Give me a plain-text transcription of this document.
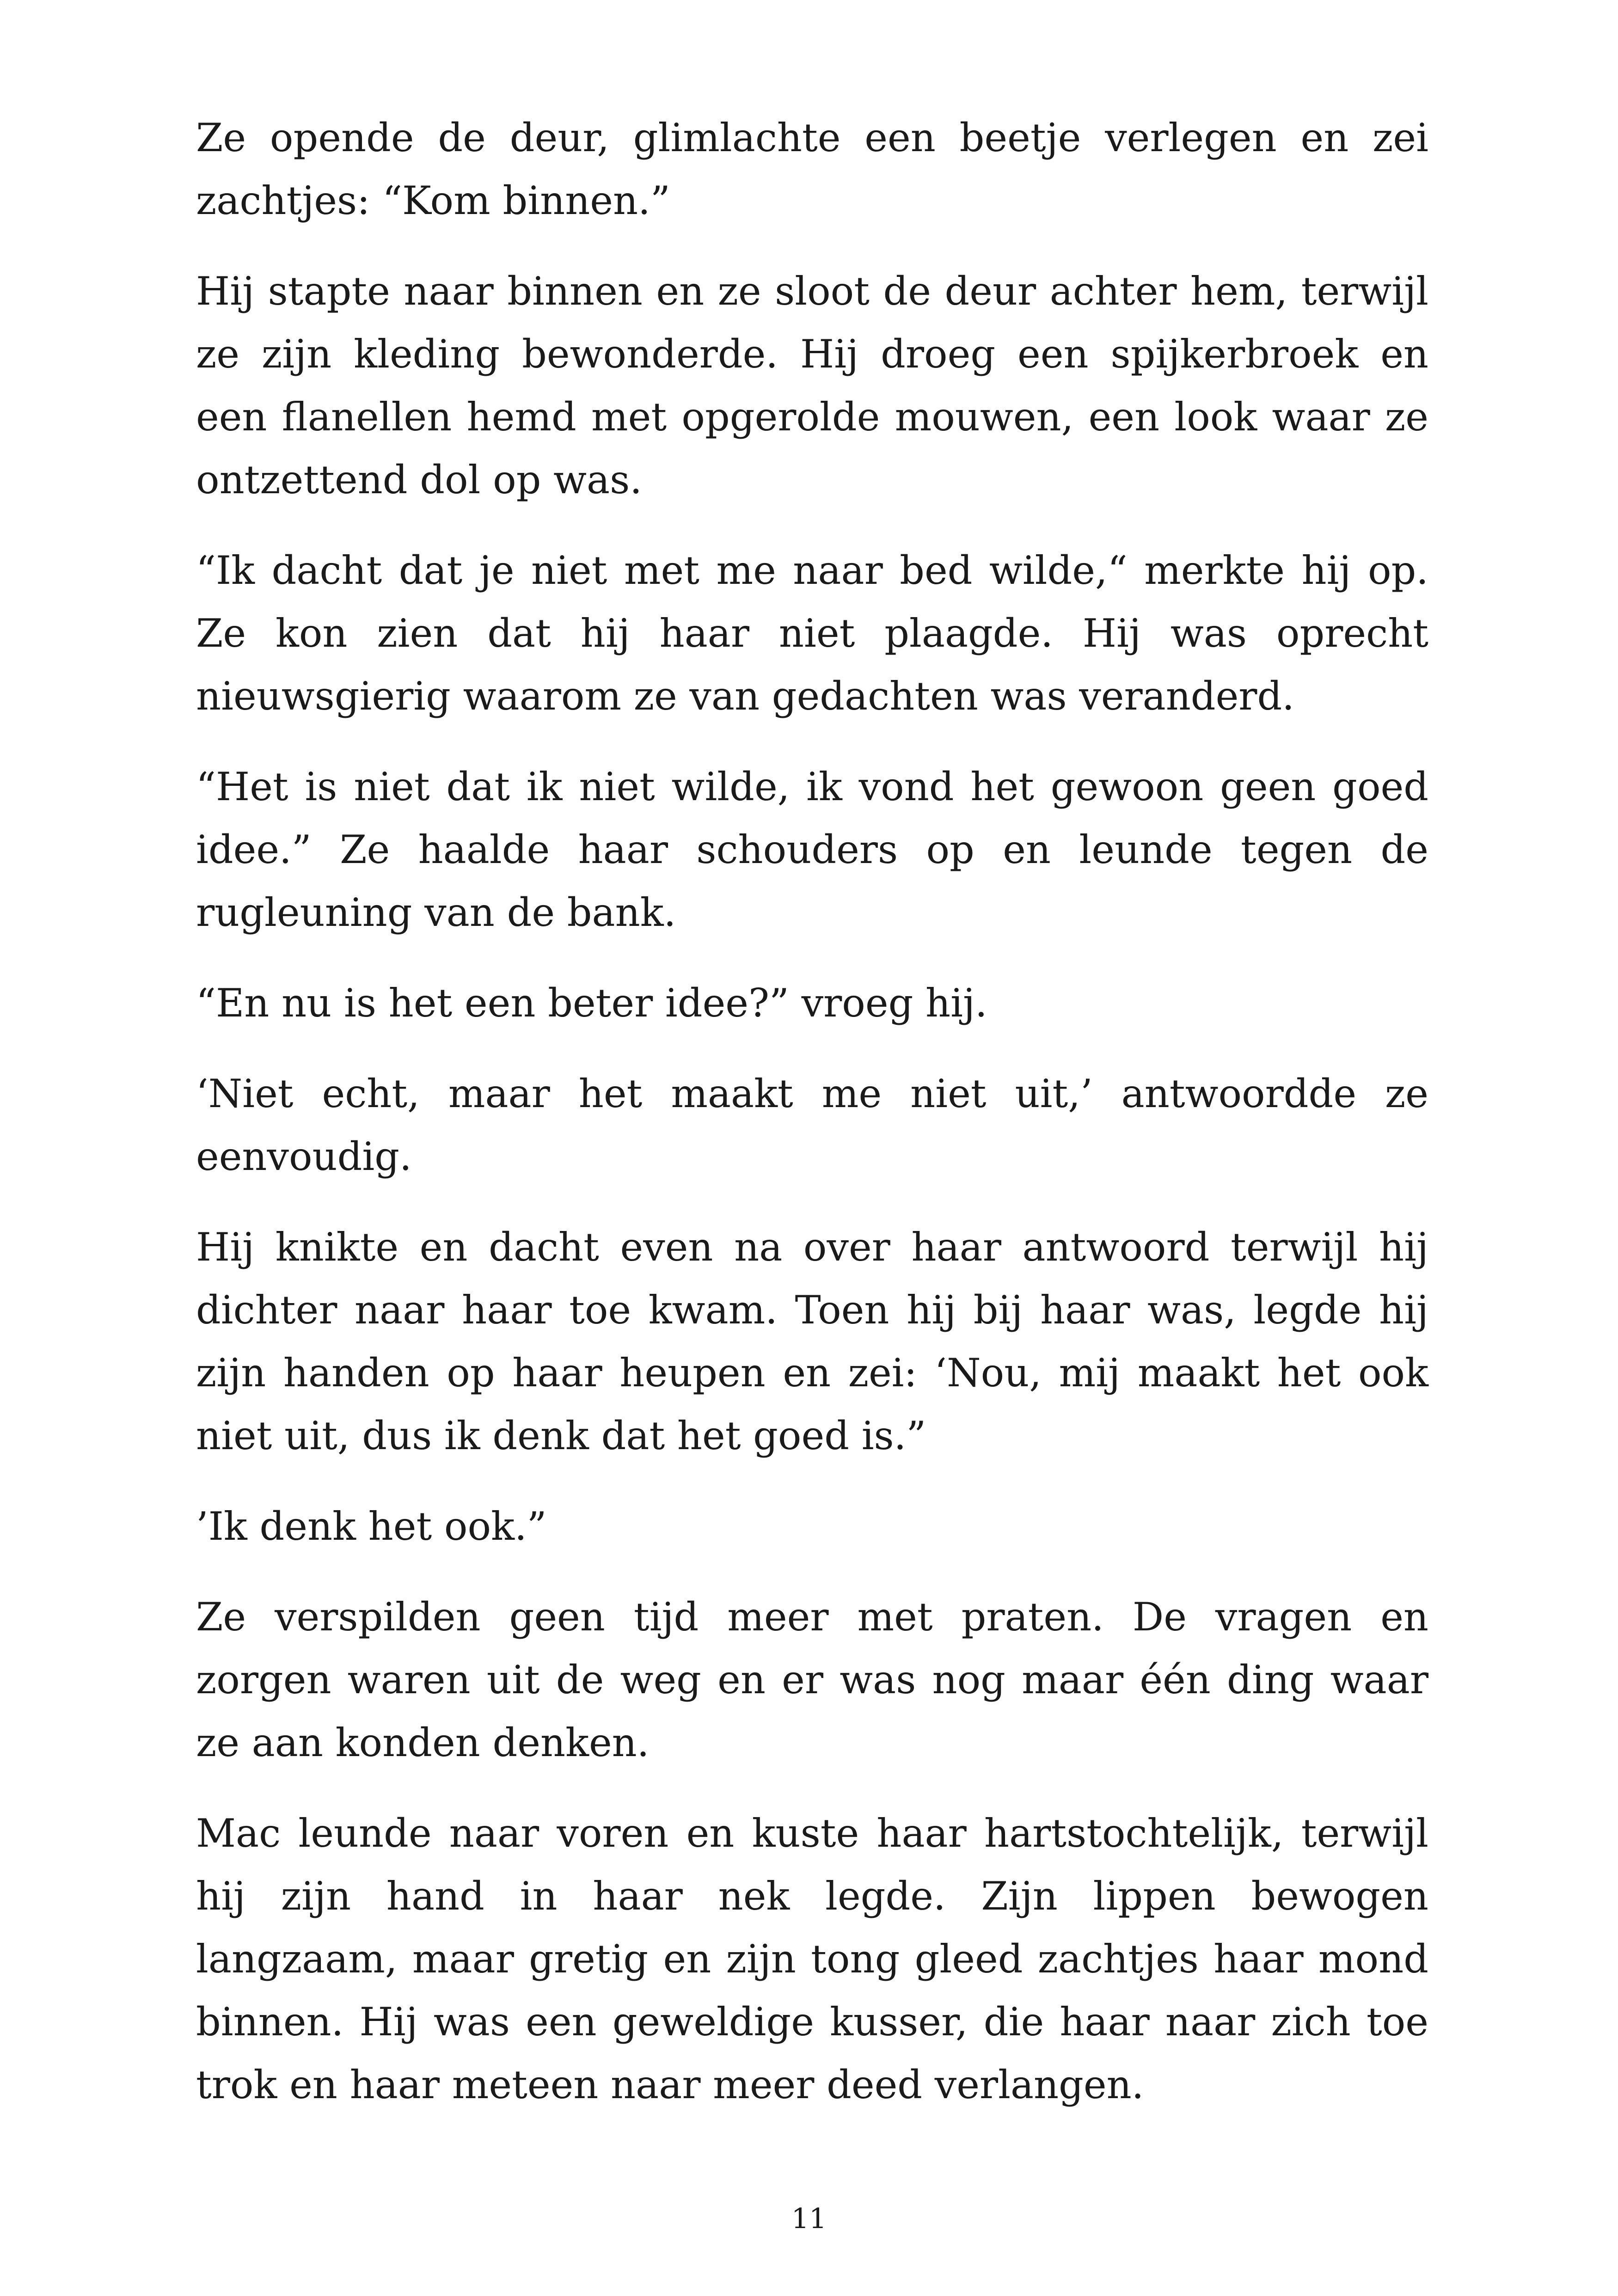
Ze opende de deur, glimlachte een beetje verlegen en zei zachtjes: “Kom binnen.”

Hij stapte naar binnen en ze sloot de deur achter hem, terwijl ze zijn kleding bewonderde. Hij droeg een spijkerbroek en een flanellen hemd met opgerolde mouwen, een look waar ze ontzettend dol op was.

“Ik dacht dat je niet met me naar bed wilde,“ merkte hij op. Ze kon zien dat hij haar niet plaagde. Hij was oprecht nieuwsgierig waarom ze van gedachten was veranderd.

“Het is niet dat ik niet wilde, ik vond het gewoon geen goed idee.” Ze haalde haar schouders op en leunde tegen de rugleuning van de bank.

“En nu is het een beter idee?” vroeg hij.

‘Niet echt, maar het maakt me niet uit,’ antwoordde ze eenvoudig.

Hij knikte en dacht even na over haar antwoord terwijl hij dichter naar haar toe kwam. Toen hij bij haar was, legde hij zijn handen op haar heupen en zei: ‘Nou, mij maakt het ook niet uit, dus ik denk dat het goed is.”

’Ik denk het ook.”

Ze verspilden geen tijd meer met praten. De vragen en zorgen waren uit de weg en er was nog maar één ding waar ze aan konden denken.

Mac leunde naar voren en kuste haar hartstochtelijk, terwijl hij zijn hand in haar nek legde. Zijn lippen bewogen langzaam, maar gretig en zijn tong gleed zachtjes haar mond binnen. Hij was een geweldige kusser, die haar naar zich toe trok en haar meteen naar meer deed verlangen.

11
